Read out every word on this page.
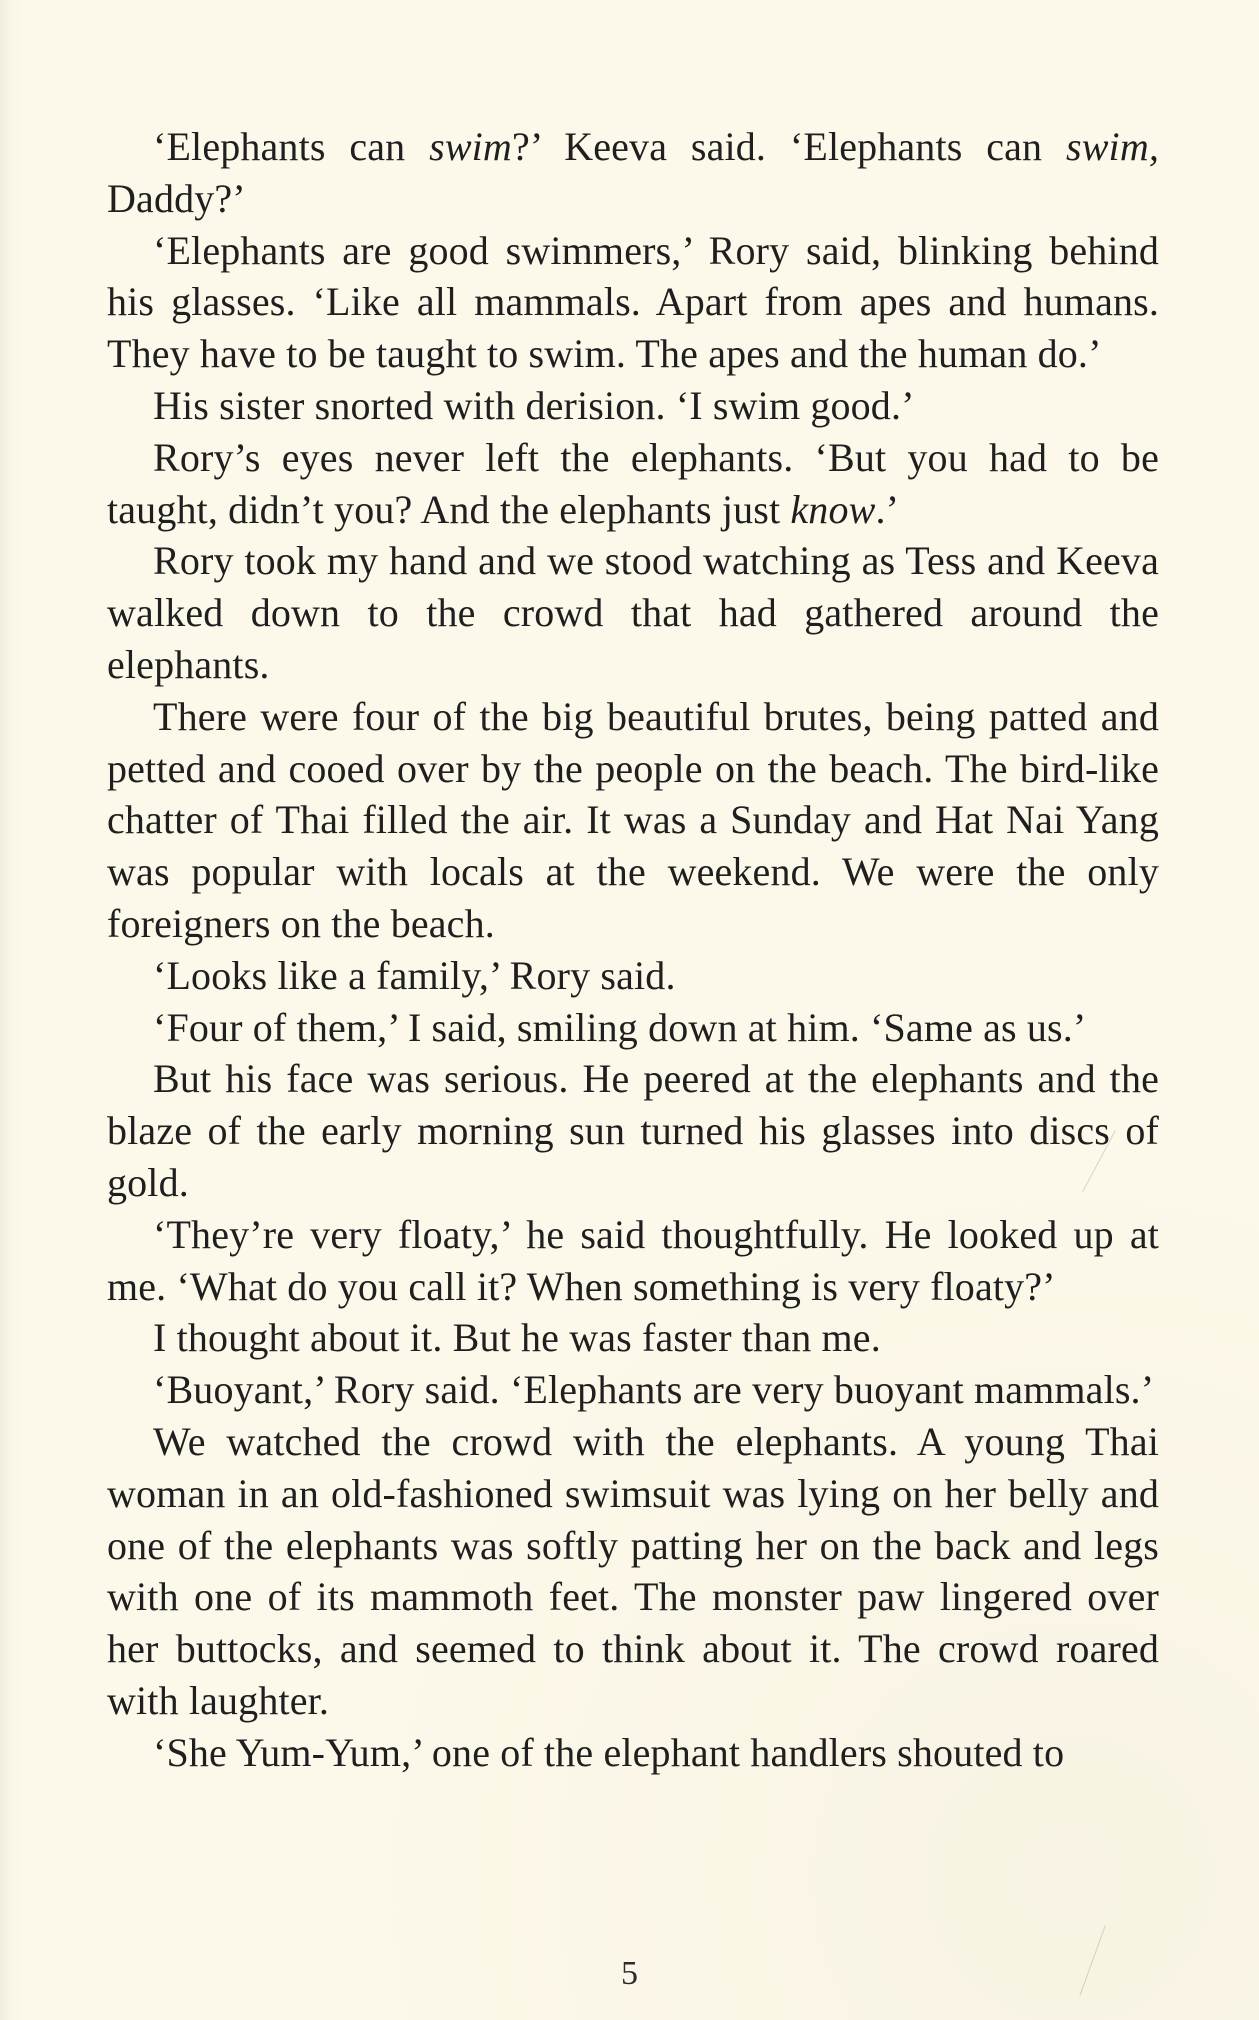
‘Elephants can swim?’ Keeva said. ‘Elephants can swim, Daddy?’

‘Elephants are good swimmers,’ Rory said, blinking behind his glasses. ‘Like all mammals. Apart from apes and humans. They have to be taught to swim. The apes and the human do.’

His sister snorted with derision. ‘I swim good.’

Rory’s eyes never left the elephants. ‘But you had to be taught, didn’t you? And the elephants just know.’

Rory took my hand and we stood watching as Tess and Keeva walked down to the crowd that had gathered around the elephants.

There were four of the big beautiful brutes, being patted and petted and cooed over by the people on the beach. The bird-like chatter of Thai filled the air. It was a Sunday and Hat Nai Yang was popular with locals at the weekend. We were the only foreigners on the beach.

‘Looks like a family,’ Rory said.

‘Four of them,’ I said, smiling down at him. ‘Same as us.’

But his face was serious. He peered at the elephants and the blaze of the early morning sun turned his glasses into discs of gold.

‘They’re very floaty,’ he said thoughtfully. He looked up at me. ‘What do you call it? When something is very floaty?’

I thought about it. But he was faster than me.

‘Buoyant,’ Rory said. ‘Elephants are very buoyant mammals.’

We watched the crowd with the elephants. A young Thai woman in an old-fashioned swimsuit was lying on her belly and one of the elephants was softly patting her on the back and legs with one of its mammoth feet. The monster paw lingered over her buttocks, and seemed to think about it. The crowd roared with laughter.

‘She Yum-Yum,’ one of the elephant handlers shouted to

5
